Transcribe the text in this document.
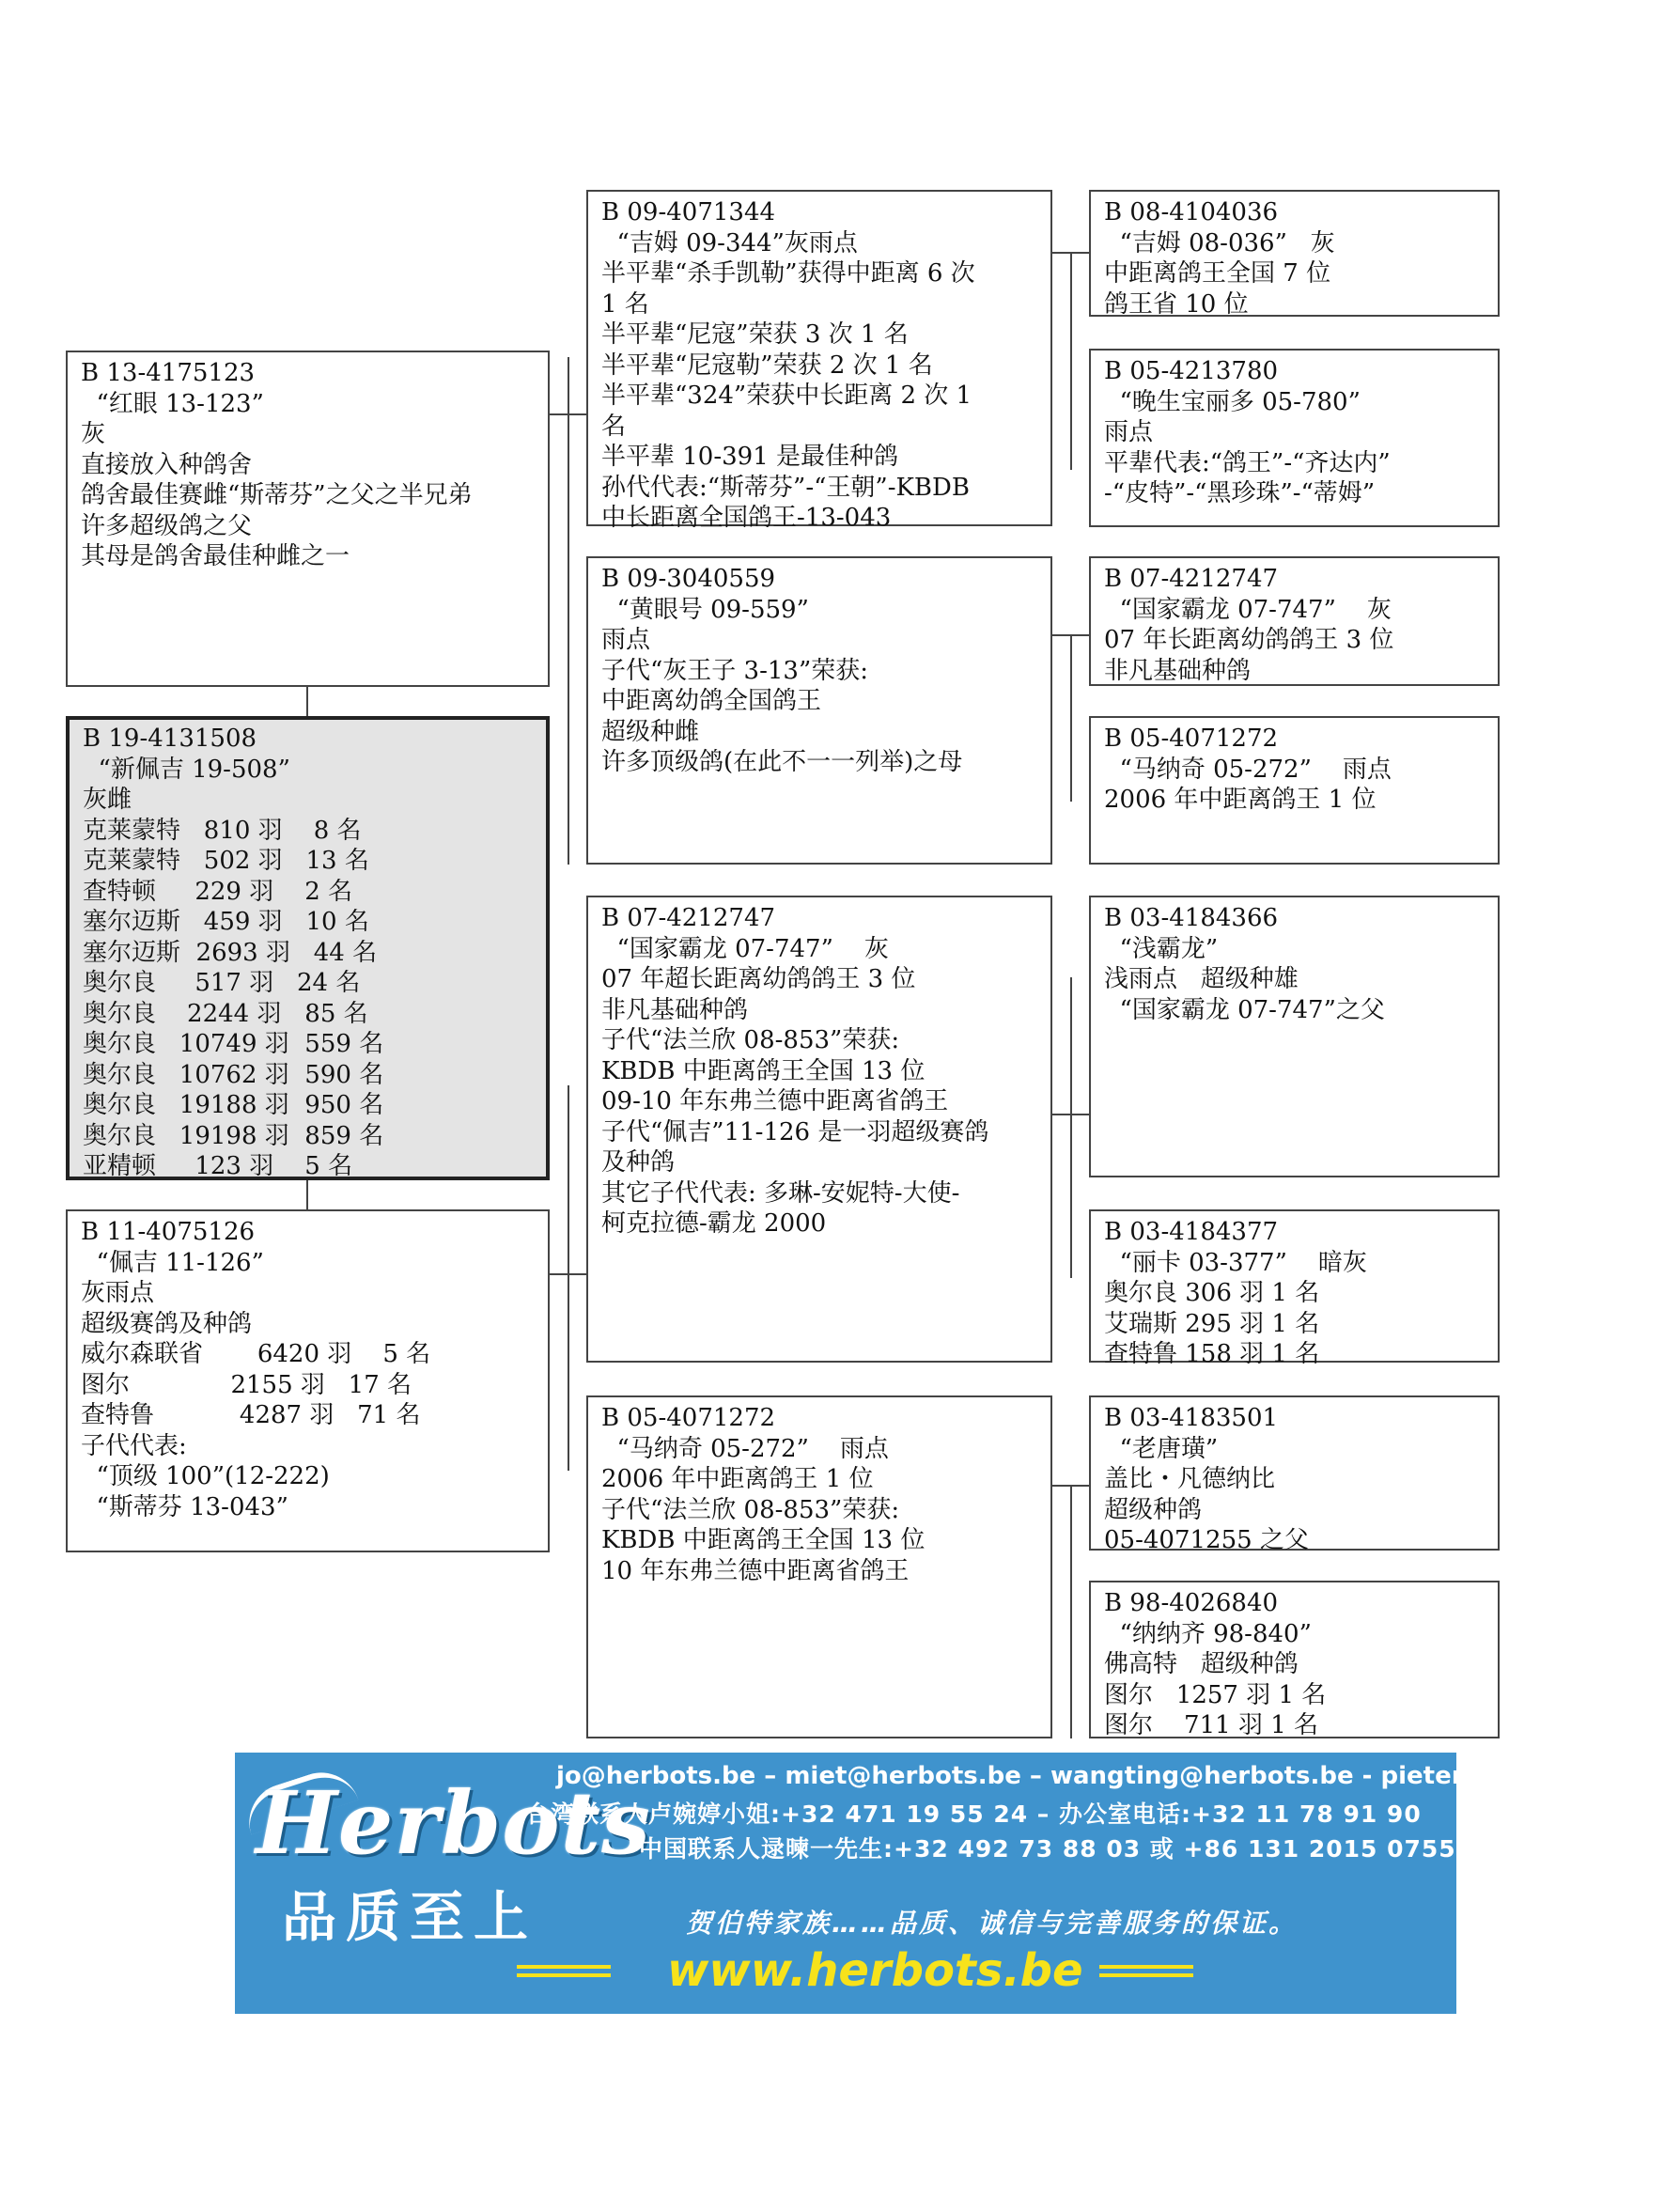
B 13-4175123
“红眼 13-123”
灰
直接放入种鸽舍
鸽舍最佳赛雌“斯蒂芬”之父之半兄弟
许多超级鸽之父
其母是鸽舍最佳种雌之一
B 19-4131508
“新佩吉 19-508”
灰雌
克莱蒙特   810 羽    8 名
克莱蒙特   502 羽   13 名
查特顿     229 羽    2 名
塞尔迈斯   459 羽   10 名
塞尔迈斯  2693 羽   44 名
奥尔良     517 羽   24 名
奥尔良    2244 羽   85 名
奥尔良   10749 羽  559 名
奥尔良   10762 羽  590 名
奥尔良   19188 羽  950 名
奥尔良   19198 羽  859 名
亚精顿     123 羽    5 名
B 11-4075126
“佩吉 11-126”
灰雨点
超级赛鸽及种鸽
威尔森联省       6420 羽    5 名
图尔             2155 羽   17 名
查特鲁           4287 羽   71 名
子代代表:
“顶级 100”(12-222)
“斯蒂芬 13-043”
B 09-4071344
“吉姆 09-344”灰雨点
半平辈“杀手凯勒”获得中距离 6 次
1 名
半平辈“尼寇”荣获 3 次 1 名
半平辈“尼寇勒”荣获 2 次 1 名
半平辈“324”荣获中长距离 2 次 1
名
半平辈 10-391 是最佳种鸽
孙代代表:“斯蒂芬”-“王朝”-KBDB
中长距离全国鸽王-13-043
B 09-3040559
“黄眼号 09-559”
雨点
子代“灰王子 3-13”荣获:
中距离幼鸽全国鸽王
超级种雌
许多顶级鸽(在此不一一列举)之母
B 07-4212747
“国家霸龙 07-747”    灰
07 年超长距离幼鸽鸽王 3 位
非凡基础种鸽
子代“法兰欣 08-853”荣获:
KBDB 中距离鸽王全国 13 位
09-10 年东弗兰德中距离省鸽王
子代“佩吉”11-126 是一羽超级赛鸽
及种鸽
其它子代代表: 多琳-安妮特-大使-
柯克拉德-霸龙 2000
B 05-4071272
“马纳奇 05-272”    雨点
2006 年中距离鸽王 1 位
子代“法兰欣 08-853”荣获:
KBDB 中距离鸽王全国 13 位
10 年东弗兰德中距离省鸽王
B 08-4104036
“吉姆 08-036”   灰
中距离鸽王全国 7 位
鸽王省 10 位
B 05-4213780
“晚生宝丽多 05-780”
雨点
平辈代表:“鸽王”-“齐达内”
-“皮特”-“黑珍珠”-“蒂姆”
B 07-4212747
“国家霸龙 07-747”    灰
07 年长距离幼鸽鸽王 3 位
非凡基础种鸽
B 05-4071272
“马纳奇 05-272”    雨点
2006 年中距离鸽王 1 位
B 03-4184366
“浅霸龙”
浅雨点   超级种雄
“国家霸龙 07-747”之父
B 03-4184377
“丽卡 03-377”    暗灰
奥尔良 306 羽 1 名
艾瑞斯 295 羽 1 名
查特鲁 158 羽 1 名
B 03-4183501
“老唐璜”
盖比・凡德纳比
超级种鸽
05-4071255 之父
B 98-4026840
“纳纳齐 98-840”
佛高特   超级种鸽
图尔   1257 羽 1 名
图尔    711 羽 1 名
Herbots
品质至上
jo@herbots.be – miet@herbots.be – wangting@herbots.be - pieterjan@herbots.be
台湾联系人卢婉婷小姐:+32 471 19 55 24 – 办公室电话:+32 11 78 91 90
中国联系人逯暕一先生:+32 492 73 88 03 或 +86 131 2015 0755
贺伯特家族……品质、诚信与完善服务的保证。
www.herbots.be
